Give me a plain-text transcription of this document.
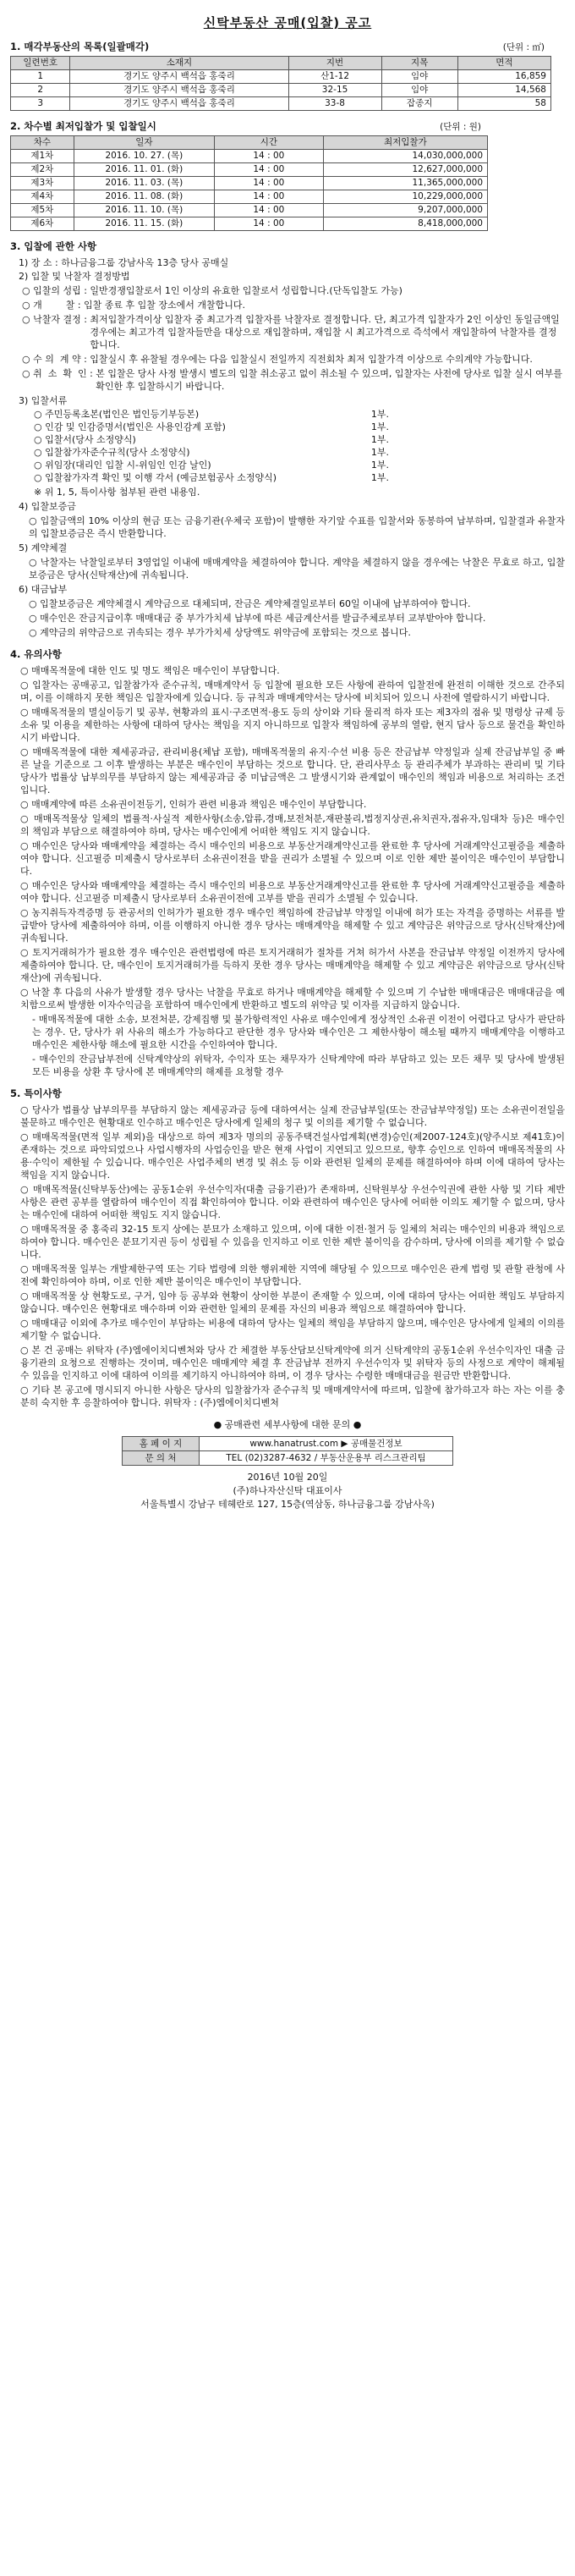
신탁부동산 공매(입찰) 공고
1. 매각부동산의 목록(일괄매각)	(단위 : ㎡)
일련번호	소재지	지번	지목	면적
1	경기도 양주시 백석읍 홍죽리	산1-12	임야	16,859
2	경기도 양주시 백석읍 홍죽리	32-15	임야	14,568
3	경기도 양주시 백석읍 홍죽리	33-8	잡종지	58
2. 차수별 최저입찰가 및 입찰일시	(단위 : 원)
차수	일자	시간	최저입찰가
제1차	2016. 10. 27. (목)	14 : 00	14,030,000,000
제2차	2016. 11. 01. (화)	14 : 00	12,627,000,000
제3차	2016. 11. 03. (목)	14 : 00	11,365,000,000
제4차	2016. 11. 08. (화)	14 : 00	10,229,000,000
제5차	2016. 11. 10. (목)	14 : 00	9,207,000,000
제6차	2016. 11. 15. (화)	14 : 00	8,418,000,000
3. 입찰에 관한 사항
1) 장 소 : 하나금융그룹 강남사옥 13층 당사 공매실
2) 입찰 및 낙찰자 결정방법
○ 입찰의 성립 : 일반경쟁입찰로서 1인 이상의 유효한 입찰로서 성립합니다.(단독입찰도 가능)
○ 개        찰 : 입찰 종료 후 입찰 장소에서 개찰합니다.
○ 낙찰자 결정 : 최저입찰가격이상 입찰자 중 최고가격 입찰자를 낙찰자로 결정합니다. 단, 최고가격 입찰자가 2인 이상인 동일금액일 경우에는 최고가격 입찰자들만을 대상으로 재입찰하며, 재입찰 시 최고가격으로 즉석에서 재입찰하여 낙찰자를 결정합니다.
○ 수 의  계 약 : 입찰실시 후 유찰될 경우에는 다음 입찰실시 전일까지 직전회차 최저 입찰가격 이상으로 수의계약 가능합니다.
○ 취  소  확  인 : 본 입찰은 당사 사정 발생시 별도의 입찰 취소공고 없이 취소될 수 있으며, 입찰자는 사전에 당사로 입찰 실시 여부를 확인한 후 입찰하시기 바랍니다.
3) 입찰서류
○ 주민등록초본(법인은 법인등기부등본)	1부.
○ 인감 및 인감증명서(법인은 사용인감계 포함)	1부.
○ 입찰서(당사 소정양식)	1부.
○ 입찰참가자준수규칙(당사 소정양식)	1부.
○ 위임장(대리인 입찰 시-위임인 인감 날인)	1부.
○ 입찰참가자격 확인 및 이행 각서 (예금보험공사 소정양식)	1부.
※ 위 1, 5, 특이사항 첨부된 관련 내용임.
4) 입찰보증금
○ 입찰금액의 10% 이상의 현금 또는 금융기관(우체국 포함)이 발행한 자기앞 수표를 입찰서와 동봉하여 납부하며, 입찰결과 유찰자의 입찰보증금은 즉시 반환합니다.
5) 계약체결
○ 낙찰자는 낙찰일로부터 3영업일 이내에 매매계약을 체결하여야 합니다. 계약을 체결하지 않을 경우에는 낙찰은 무효로 하고, 입찰보증금은 당사(신탁재산)에 귀속됩니다.
6) 대금납부
○ 입찰보증금은 계약체결시 계약금으로 대체되며, 잔금은 계약체결일로부터 60일 이내에 납부하여야 합니다.
○ 매수인은 잔금지급이후 매매대금 중 부가가치세 납부에 따른 세금계산서를 발급주체로부터 교부받아야 합니다.
○ 계약금의 위약금으로 귀속되는 경우 부가가치세 상당액도 위약금에 포함되는 것으로 봅니다.
4. 유의사항
○ 매매목적물에 대한 인도 및 명도 책임은 매수인이 부담합니다.
○ 입찰자는 공매공고, 입찰참가자 준수규칙, 매매계약서 등 입찰에 필요한 모든 사항에 관하여 입찰전에 완전히 이해한 것으로 간주되며, 이를 이해하지 못한 책임은 입찰자에게 있습니다. 등 규칙과 매매계약서는 당사에 비치되어 있으니 사전에 열람하시기 바랍니다.
○ 매매목적물의 멸실이등기 및 공부, 현황과의 표시·구조면적·용도 등의 상이와 기타 물리적 하자 또는 제3자의 점유 및 명령상 규제 등 소유 및 이용을 제한하는 사항에 대하여 당사는 책임을 지지 아니하므로 입찰자 책임하에 공부의 열람, 현지 답사 등으로 물건을 확인하시기 바랍니다.
○ 매매목적물에 대한 제세공과금, 관리비용(체납 포함), 매매목적물의 유지·수선 비용 등은 잔금납부 약정일과 실제 잔금납부일 중 빠른 날을 기준으로 그 이후 발생하는 부분은 매수인이 부담하는 것으로 합니다. 단, 관리사무소 등 관리주체가 부과하는 관리비 및 기타 당사가 법률상 납부의무를 부담하지 않는 제세공과금 중 미납금액은 그 발생시기와 관계없이 매수인의 책임과 비용으로 처리하는 조건입니다.
○ 매매계약에 따른 소유권이전등기, 인허가 관련 비용과 책임은 매수인이 부담합니다.
○ 매매목적물상 일체의 법률적·사실적 제한사항(소송,압류,경매,보전처분,재판불리,법정지상권,유치권자,점유자,임대차 등)은 매수인의 책임과 부담으로 해결하여야 하며, 당사는 매수인에게 어떠한 책임도 지지 않습니다.
○ 매수인은 당사와 매매계약을 체결하는 즉시 매수인의 비용으로 부동산거래계약신고를 완료한 후 당사에 거래계약신고필증을 제출하여야 합니다. 신고필증 미제출시 당사로부터 소유권이전을 받을 권리가 소멸될 수 있으며 이로 인한 제반 불이익은 매수인이 부담합니다.
○ 매수인은 당사와 매매계약을 체결하는 즉시 매수인의 비용으로 부동산거래계약신고를 완료한 후 당사에 거래계약신고필증을 제출하여야 합니다. 신고필증 미제출시 당사로부터 소유권이전에 고부를 받을 권리가 소멸될 수 있습니다.
○ 농지취득자격증명 등 관공서의 인허가가 필요한 경우 매수인 책임하에 잔금납부 약정일 이내에 허가 또는 자격을 증명하는 서류를 발급받아 당사에 제출하여야 하며, 이를 이행하지 아니한 경우 당사는 매매계약을 해제할 수 있고 계약금은 위약금으로 당사(신탁재산)에 귀속됩니다.
○ 토지거래허가가 필요한 경우 매수인은 관련법령에 따른 토지거래허가 절차를 거쳐 허가서 사본을 잔금납부 약정일 이전까지 당사에 제출하여야 합니다. 단, 매수인이 토지거래허가를 득하지 못한 경우 당사는 매매계약을 해제할 수 있고 계약금은 위약금으로 당사(신탁재산)에 귀속됩니다.
○ 낙찰 후 다음의 사유가 발생할 경우 당사는 낙찰을 무효로 하거나 매매계약을 해제할 수 있으며 기 수납한 매매대금은 매매대금을 예치함으로써 발생한 이자수익금을 포함하여 매수인에게 반환하고 별도의 위약금 및 이자를 지급하지 않습니다.
- 매매목적물에 대한 소송, 보전처분, 강제집행 및 불가항력적인 사유로 매수인에게 정상적인 소유권 이전이 어렵다고 당사가 판단하는 경우. 단, 당사가 위 사유의 해소가 가능하다고 판단한 경우 당사와 매수인은 그 제한사항이 해소될 때까지 매매계약을 이행하고 매수인은 제한사항 해소에 필요한 시간을 수인하여야 합니다.
- 매수인의 잔금납부전에 신탁계약상의 위탁자, 수익자 또는 채무자가 신탁계약에 따라 부담하고 있는 모든 채무 및 당사에 발생된 모든 비용을 상환 후 당사에 본 매매계약의 해제를 요청할 경우
5. 특이사항
○ 당사가 법률상 납부의무를 부담하지 않는 제세공과금 등에 대하여서는 실제 잔금납부일(또는 잔금납부약정일) 또는 소유권이전일을 불문하고 매수인은 현황대로 인수하고 매수인은 당사에게 일체의 청구 및 이의를 제기할 수 없습니다.
○ 매매목적물(면적 일부 제외)을 대상으로 하여 제3자 명의의 공동주택건설사업계획(변경)승인(제2007-124호)(양주시보 제41호)이 존재하는 것으로 파악되었으나 사업시행자의 사업승인을 받은 현재 사업이 지연되고 있으므로, 향후 승인으로 인하여 매매목적물의 사용·수익이 제한될 수 있습니다. 매수인은 사업주체의 변경 및 취소 등 이와 관련된 일체의 문제를 해결하여야 하며 이에 대하여 당사는 책임을 지지 않습니다.
○ 매매목적물(신탁부동산)에는 공동1순위 우선수익자(대출 금융기관)가 존재하며, 신탁원부상 우선수익권에 관한 사항 및 기타 제반 사항은 관련 공부를 열람하여 매수인이 직접 확인하여야 합니다. 이와 관련하여 매수인은 당사에 어떠한 이의도 제기할 수 없으며, 당사는 매수인에 대하여 어떠한 책임도 지지 않습니다.
○ 매매목적물 중 홍죽리 32-15 토지 상에는 분묘가 소재하고 있으며, 이에 대한 이전·철거 등 일체의 처리는 매수인의 비용과 책임으로 하여야 합니다. 매수인은 분묘기지권 등이 성립될 수 있음을 인지하고 이로 인한 제반 불이익을 감수하며, 당사에 이의를 제기할 수 없습니다.
○ 매매목적물 일부는 개발제한구역 또는 기타 법령에 의한 행위제한 지역에 해당될 수 있으므로 매수인은 관계 법령 및 관할 관청에 사전에 확인하여야 하며, 이로 인한 제반 불이익은 매수인이 부담합니다.
○ 매매목적물 상 현황도로, 구거, 임야 등 공부와 현황이 상이한 부분이 존재할 수 있으며, 이에 대하여 당사는 어떠한 책임도 부담하지 않습니다. 매수인은 현황대로 매수하며 이와 관련한 일체의 문제를 자신의 비용과 책임으로 해결하여야 합니다.
○ 매매대금 이외에 추가로 매수인이 부담하는 비용에 대하여 당사는 일체의 책임을 부담하지 않으며, 매수인은 당사에게 일체의 이의를 제기할 수 없습니다.
○ 본 건 공매는 위탁자 (주)엠에이치디벤처와 당사 간 체결한 부동산담보신탁계약에 의거 신탁계약의 공동1순위 우선수익자인 대출 금융기관의 요청으로 진행하는 것이며, 매수인은 매매계약 체결 후 잔금납부 전까지 우선수익자 및 위탁자 등의 사정으로 계약이 해제될 수 있음을 인지하고 이에 대하여 이의를 제기하지 아니하여야 하며, 이 경우 당사는 수령한 매매대금을 원금만 반환합니다.
○ 기타 본 공고에 명시되지 아니한 사항은 당사의 입찰참가자 준수규칙 및 매매계약서에 따르며, 입찰에 참가하고자 하는 자는 이를 충분히 숙지한 후 응찰하여야 합니다. 위탁자 : (주)엠에이치디벤처
● 공매관련 세부사항에 대한 문의 ●
홈 페 이 지	www.hanatrust.com ▶ 공매물건정보
문 의 처	TEL (02)3287-4632 / 부동산운용부 리스크관리팀
2016년 10월 20일
(주)하나자산신탁 대표이사
서울특별시 강남구 테헤란로 127, 15층(역삼동, 하나금융그룹 강남사옥)
